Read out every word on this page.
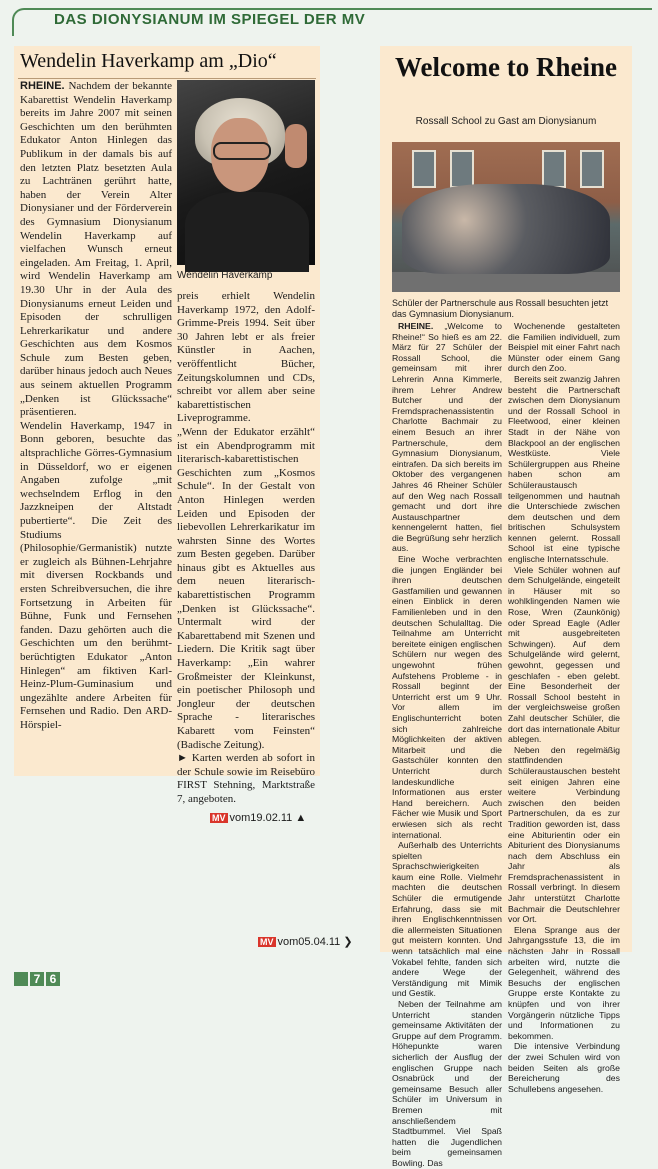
DAS DIONYSIANUM IM SPIEGEL DER MV
Wendelin Haverkamp am „Dio“
Wendelin Haverkamp

RHEINE. Nachdem der bekannte Kabarettist Wendelin Haverkamp bereits im Jahre 2007 mit seinen Geschichten um den berühmten Edukator Anton Hinlegen das Publikum in der damals bis auf den letzten Platz besetzten Aula zu Lachtränen gerührt hatte, haben der Verein Alter Dionysianer und der Förderverein des Gymnasium Dionysianum Wendelin Haverkamp auf vielfachen Wunsch erneut eingeladen. Am Freitag, 1. April, wird Wendelin Haverkamp am 19.30 Uhr in der Aula des Dionysianums erneut Leiden und Episoden der schrulligen Lehrerkarikatur und andere Geschichten aus dem Kosmos Schule zum Besten geben, darüber hinaus jedoch auch Neues aus seinem aktuellen Programm „Denken ist Glückssache“ präsentieren.

Wendelin Haverkamp, 1947 in Bonn geboren, besuchte das altsprachliche Görres-Gymnasium in Düsseldorf, wo er eigenen Angaben zufolge „mit wechselndem Erflog in den Jazzkneipen der Altstadt pubertierte“. Die Zeit des Studiums (Philosophie/Germanistik) nutzte er zugleich als Bühnen-Lehrjahre mit diversen Rockbands und ersten Schreibversuchen, die ihre Fortsetzung in Arbeiten für Bühne, Funk und Fernsehen fanden. Dazu gehörten auch die Geschichten um den berühmt-berüchtigten Edukator „Anton Hinlegen“ am fiktiven Karl-Heinz-Plum-Guminasium und ungezählte andere Arbeiten für Fernsehen und Radio. Den ARD-Hörspiel-

preis erhielt Wendelin Haverkamp 1972, den Adolf-Grimme-Preis 1994. Seit über 30 Jahren lebt er als freier Künstler in Aachen, veröffentlicht Bücher, Zeitungskolumnen und CDs, schreibt vor allem aber seine kabarettistischen Liveprogramme.

„Wenn der Edukator erzählt“ ist ein Abendprogramm mit literarisch-kabarettistischen Geschichten zum „Kosmos Schule“. In der Gestalt von Anton Hinlegen werden Leiden und Episoden der liebevollen Lehrerkarikatur im wahrsten Sinne des Wortes zum Besten gegeben. Darüber hinaus gibt es Aktuelles aus dem neuen literarisch-kabarettistischen Programm „Denken ist Glückssache“. Untermalt wird der Kabarettabend mit Szenen und Liedern. Die Kritik sagt über Haverkamp: „Ein wahrer Großmeister der Kleinkunst, ein poetischer Philosoph und Jongleur der deutschen Sprache - literarisches Kabarett vom Feinsten“ (Badische Zeitung).

► Karten werden ab sofort in der Schule sowie im Reisebüro FIRST Stehning, Marktstraße 7, angeboten.

MV vom19.02.11 ▲
Welcome to Rheine
Rossall School zu Gast am Dionysianum
Schüler der Partnerschule aus Rossall besuchten jetzt das Gymnasium Dionysianum.

RHEINE. „Welcome to Rheine!“ So hieß es am 22. März für 27 Schüler der Rossall School, die gemeinsam mit ihrer Lehrerin Anna Kimmerle, ihrem Lehrer Andrew Butcher und der Fremdsprachenassistentin Charlotte Bachmair zu einem Besuch an ihrer Partnerschule, dem Gymnasium Dionysianum, eintrafen. Da sich bereits im Oktober des vergangenen Jahres 46 Rheiner Schüler auf den Weg nach Rossall gemacht und dort ihre Austauschpartner kennengelernt hatten, fiel die Begrüßung sehr herzlich aus.

Eine Woche verbrachten die jungen Engländer bei ihren deutschen Gastfamilien und gewannen einen Einblick in deren Familienleben und in den deutschen Schulalltag. Die Teilnahme am Unterricht bereitete einigen englischen Schülern nur wegen des ungewohnt frühen Aufstehens Probleme - in Rossall beginnt der Unterricht erst um 9 Uhr. Vor allem im Englischunterricht boten sich zahlreiche Möglichkeiten der aktiven Mitarbeit und die Gastschüler konnten den Unterricht durch landeskundliche Informationen aus erster Hand bereichern. Auch Fächer wie Musik und Sport erwiesen sich als recht international.

Außerhalb des Unterrichts spielten Sprachschwierigkeiten kaum eine Rolle. Vielmehr machten die deutschen Schüler die ermutigende Erfahrung, dass sie mit ihren Englischkenntnissen die allermeisten Situationen gut meistern konnten. Und wenn tatsächlich mal eine Vokabel fehlte, fanden sich andere Wege der Verständigung mit Mimik und Gestik.

Neben der Teilnahme am Unterricht standen gemeinsame Aktivitäten der Gruppe auf dem Programm. Höhepunkte waren sicherlich der Ausflug der englischen Gruppe nach Osnabrück und der gemeinsame Besuch aller Schüler im Universum in Bremen mit anschließendem Stadtbummel. Viel Spaß hatten die Jugendlichen beim gemeinsamen Bowling. Das

Wochenende gestalteten die Familien individuell, zum Beispiel mit einer Fahrt nach Münster oder einem Gang durch den Zoo.

Bereits seit zwanzig Jahren besteht die Partnerschaft zwischen dem Dionysianum und der Rossall School in Fleetwood, einer kleinen Stadt in der Nähe von Blackpool an der englischen Westküste. Viele Schülergruppen aus Rheine haben schon am Schüleraustausch teilgenommen und hautnah die Unterschiede zwischen dem deutschen und dem britischen Schulsystem kennen gelernt. Rossall School ist eine typische englische Internatsschule.

Viele Schüler wohnen auf dem Schulgelände, eingeteilt in Häuser mit so wohlklingenden Namen wie Rose, Wren (Zaunkönig) oder Spread Eagle (Adler mit ausgebreiteten Schwingen). Auf dem Schulgelände wird gelernt, gewohnt, gegessen und geschlafen - eben gelebt. Eine Besonderheit der Rossall School besteht in der vergleichsweise großen Zahl deutscher Schüler, die dort das internationale Abitur ablegen.

Neben den regelmäßig stattfindenden Schüleraustauschen besteht seit einigen Jahren eine weitere Verbindung zwischen den beiden Partnerschulen, da es zur Tradition geworden ist, dass eine Abiturientin oder ein Abiturient des Dionysianums nach dem Abschluss ein Jahr als Fremdsprachenassistent in Rossall verbringt. In diesem Jahr unterstützt Charlotte Bachmair die Deutschlehrer vor Ort.

Elena Sprange aus der Jahrgangsstufe 13, die im nächsten Jahr in Rossall arbeiten wird, nutzte die Gelegenheit, während des Besuchs der englischen Gruppe erste Kontakte zu knüpfen und von ihrer Vorgängerin nützliche Tipps und Informationen zu bekommen.

Die intensive Verbindung der zwei Schulen wird von beiden Seiten als große Bereicherung des Schullebens angesehen.

MV vom05.04.11 ❯
7 6
